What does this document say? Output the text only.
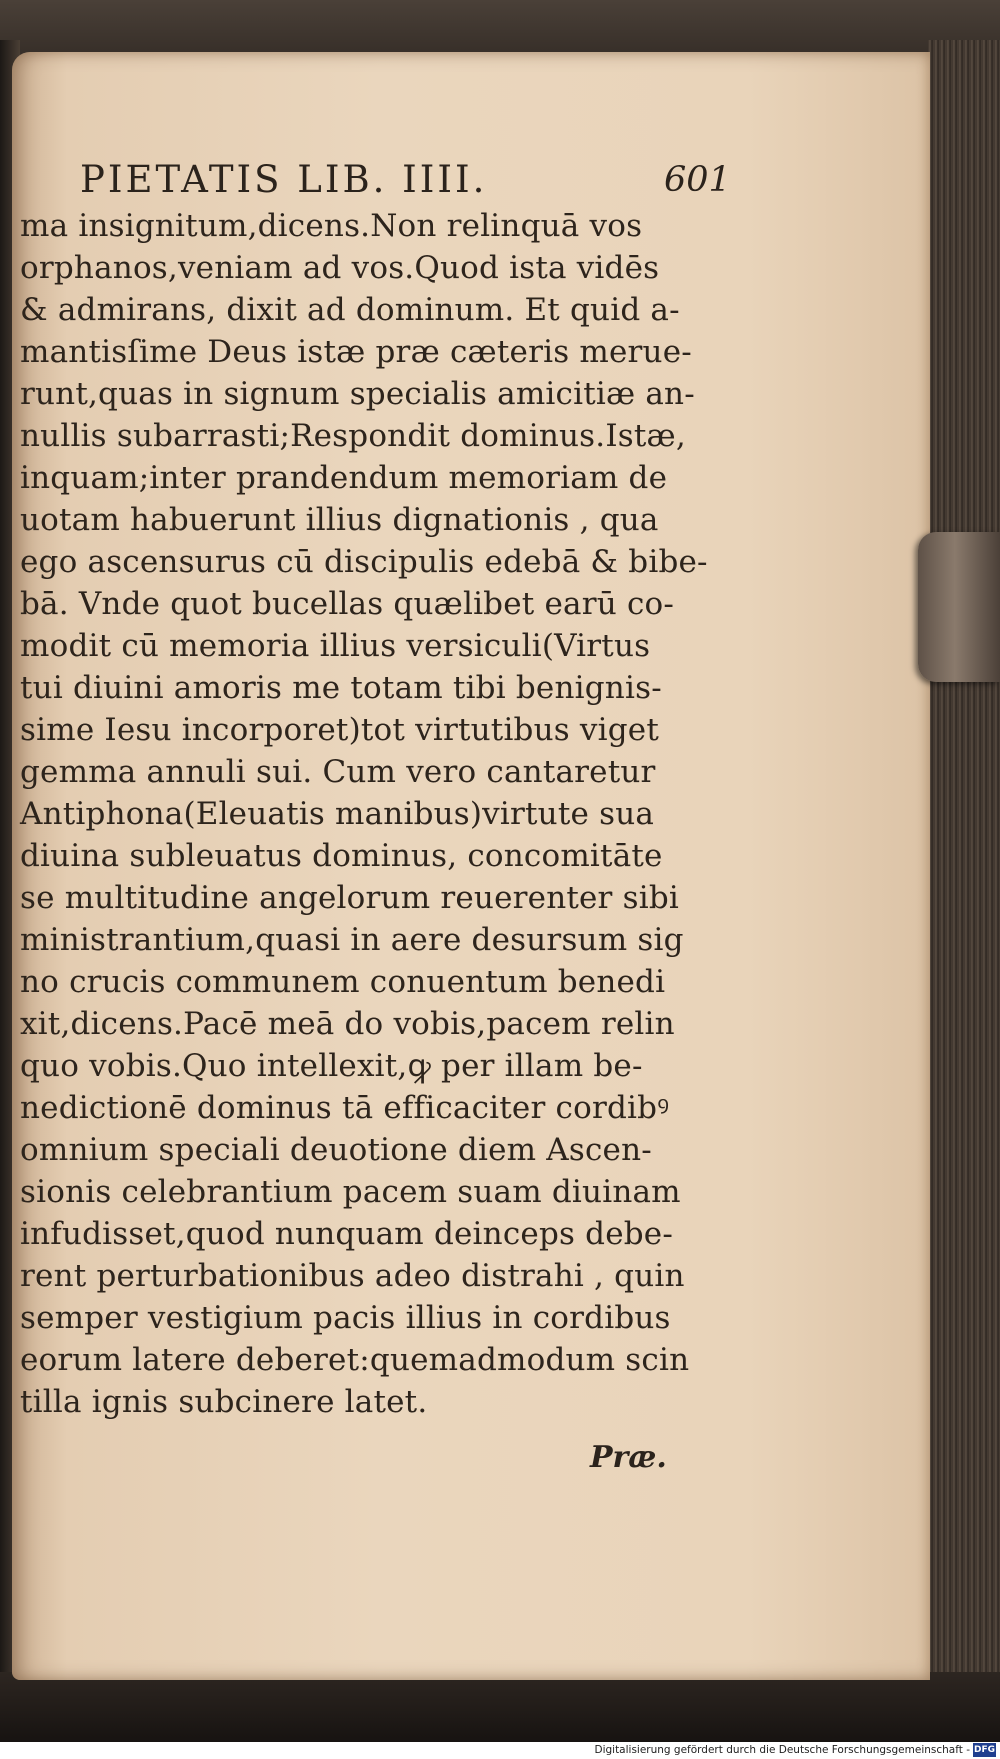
PIETATIS LIB. IIII.	601
ma insignitum,dicens.Non relinquā vos
orphanos,veniam ad vos.Quod ista vidēs
& admirans, dixit ad dominum. Et quid a-
mantisſime Deus istæ præ cæteris merue-
runt,quas in signum specialis amicitiæ an-
nullis subarrasti;Respondit dominus.Istæ,
inquam;inter prandendum memoriam de
uotam habuerunt illius dignationis , qua
ego ascensurus cū discipulis edebā & bibe-
bā. Vnde quot bucellas quælibet earū co-
modit cū memoria illius versiculi(Virtus
tui diuini amoris me totam tibi benignis-
sime Iesu incorporet)tot virtutibus viget
gemma annuli sui. Cum vero cantaretur
Antiphona(Eleuatis manibus)virtute sua
diuina subleuatus dominus, concomitāte
se multitudine angelorum reuerenter sibi
ministrantium,quasi in aere desursum sig
no crucis communem conuentum benedi
xit,dicens.Pacē meā do vobis,pacem relin
quo vobis.Quo intellexit,ꝙ per illam be-
nedictionē dominus tā efficaciter cordibꝰ
omnium speciali deuotione diem Ascen-
sionis celebrantium pacem suam diuinam
infudisset,quod nunquam deinceps debe-
rent perturbationibus adeo distrahi , quin
semper vestigium pacis illius in cordibus
eorum latere deberet:quemadmodum scin
tilla ignis subcinere latet.
Præ.
Digitalisierung gefördert durch die Deutsche Forschungsgemeinschaft - DFG
